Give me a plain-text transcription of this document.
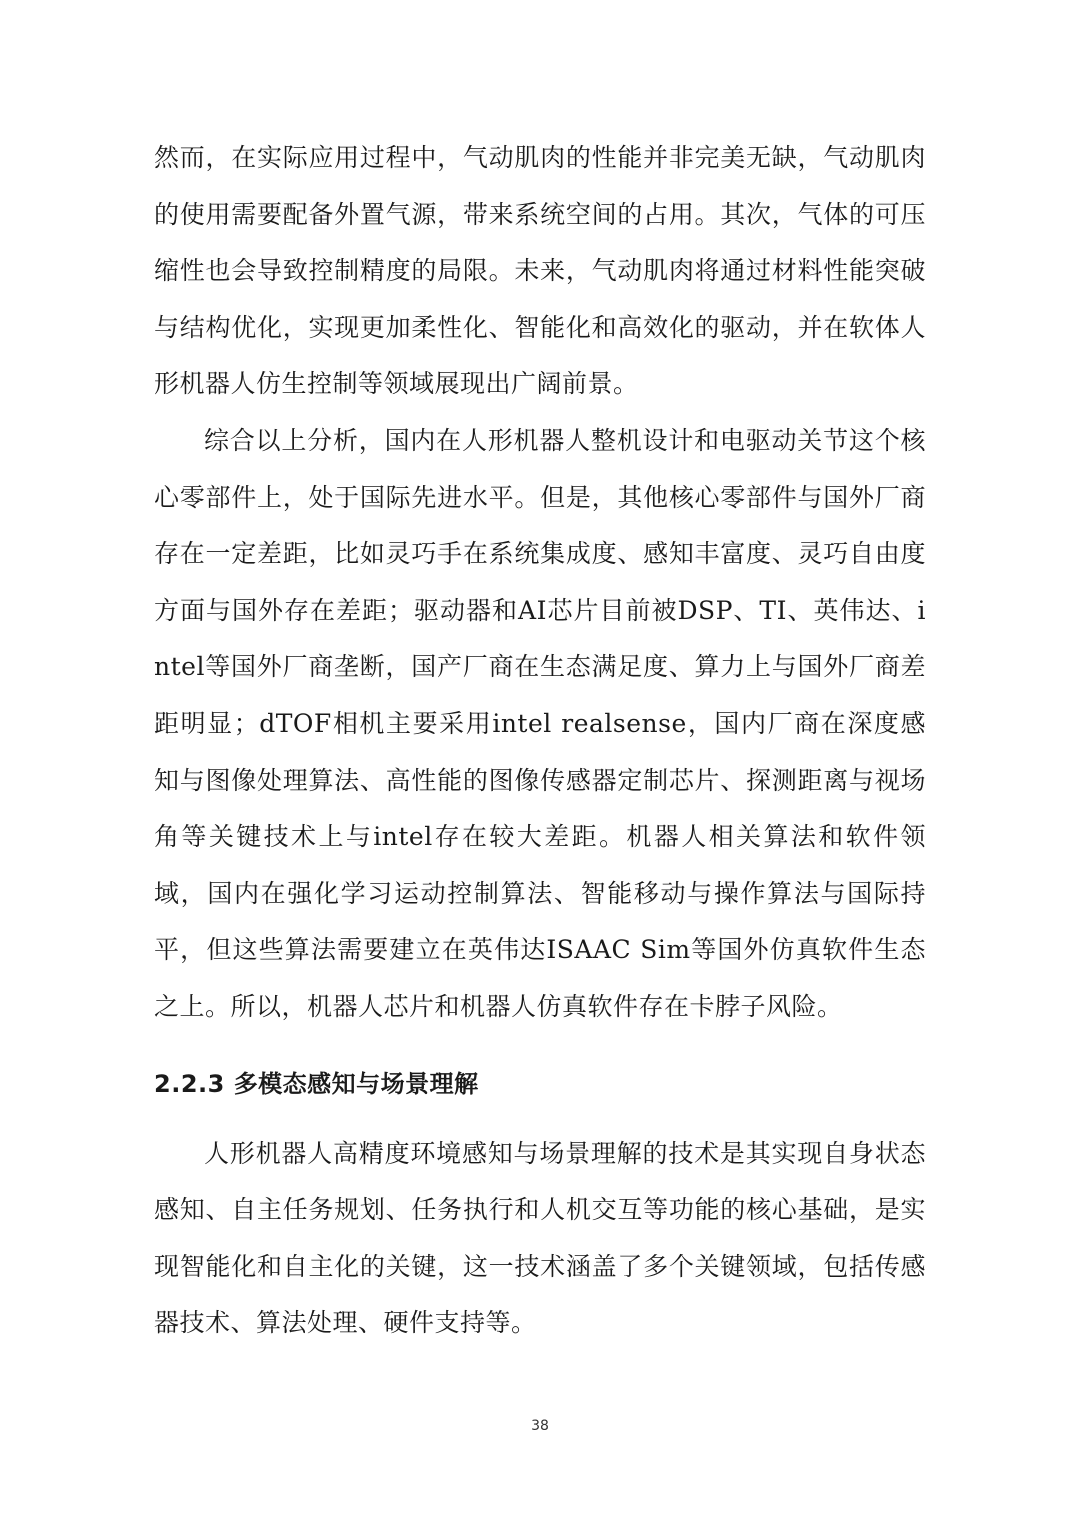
然而，在实际应用过程中，气动肌肉的性能并非完美无缺，气动肌肉的使用需要配备外置气源，带来系统空间的占用。其次，气体的可压缩性也会导致控制精度的局限。未来，气动肌肉将通过材料性能突破与结构优化，实现更加柔性化、智能化和高效化的驱动，并在软体人形机器人仿生控制等领域展现出广阔前景。

综合以上分析，国内在人形机器人整机设计和电驱动关节这个核心零部件上，处于国际先进水平。但是，其他核心零部件与国外厂商存在一定差距，比如灵巧手在系统集成度、感知丰富度、灵巧自由度方面与国外存在差距；驱动器和AI芯片目前被DSP、TI、英伟达、intel等国外厂商垄断，国产厂商在生态满足度、算力上与国外厂商差距明显；dTOF相机主要采用intel realsense，国内厂商在深度感知与图像处理算法、高性能的图像传感器定制芯片、探测距离与视场角等关键技术上与intel存在较大差距。机器人相关算法和软件领域，国内在强化学习运动控制算法、智能移动与操作算法与国际持平，但这些算法需要建立在英伟达ISAAC Sim等国外仿真软件生态之上。所以，机器人芯片和机器人仿真软件存在卡脖子风险。

2.2.3 多模态感知与场景理解

人形机器人高精度环境感知与场景理解的技术是其实现自身状态感知、自主任务规划、任务执行和人机交互等功能的核心基础，是实现智能化和自主化的关键，这一技术涵盖了多个关键领域，包括传感器技术、算法处理、硬件支持等。

38
